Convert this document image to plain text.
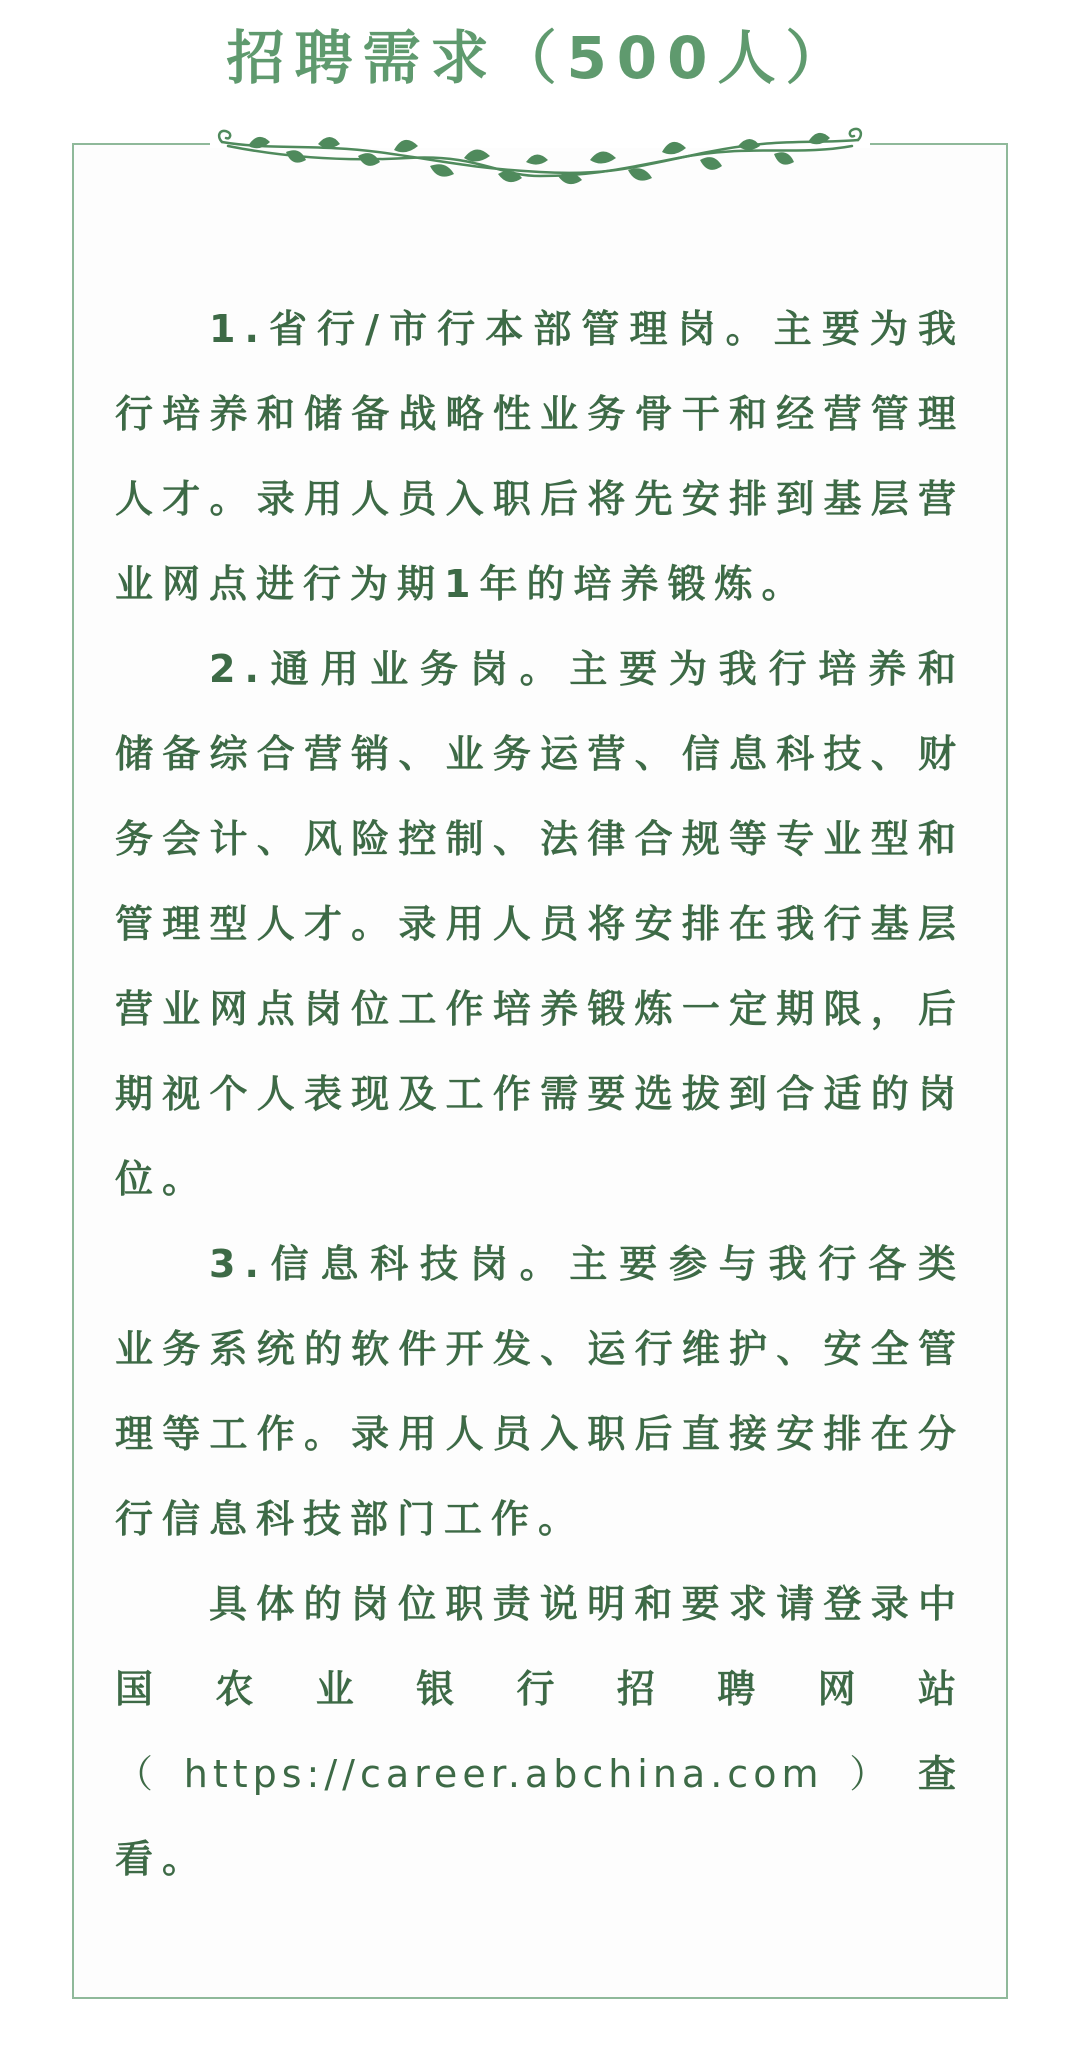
招聘需求（500人）

1.省行/市行本部管理岗。主要为我行培养和储备战略性业务骨干和经营管理人才。录用人员入职后将先安排到基层营业网点进行为期1年的培养锻炼。

2.通用业务岗。主要为我行培养和储备综合营销、业务运营、信息科技、财务会计、风险控制、法律合规等专业型和管理型人才。录用人员将安排在我行基层营业网点岗位工作培养锻炼一定期限，后期视个人表现及工作需要选拔到合适的岗位。

3.信息科技岗。主要参与我行各类业务系统的软件开发、运行维护、安全管理等工作。录用人员入职后直接安排在分行信息科技部门工作。

具体的岗位职责说明和要求请登录中国农业银行招聘网站（https://career.abchina.com）查看。
